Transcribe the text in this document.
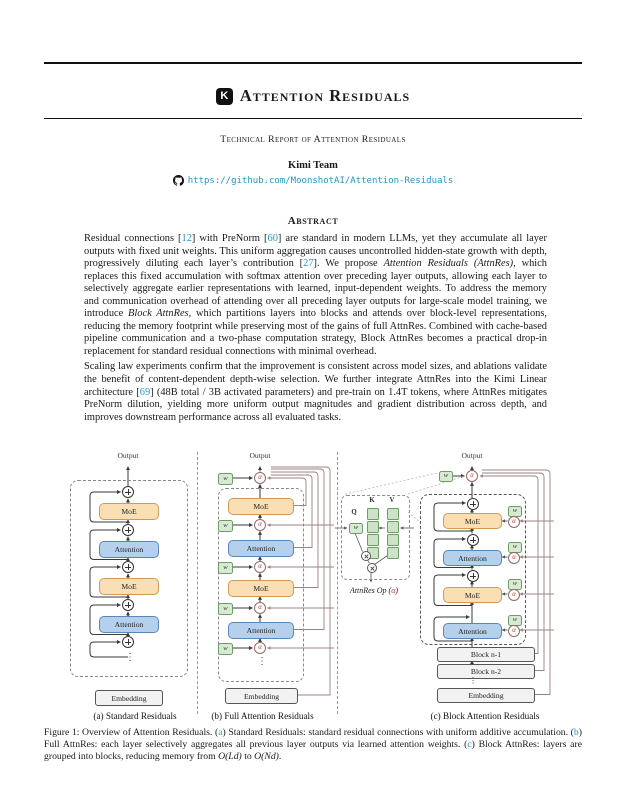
K Attention Residuals
Technical Report of Attention Residuals
Kimi Team
https://github.com/MoonshotAI/Attention-Residuals
Abstract

Residual connections [12] with PreNorm [60] are standard in modern LLMs, yet they accumulate all layer outputs with fixed unit weights. This uniform aggregation causes uncontrolled hidden-state growth with depth, progressively diluting each layer’s contribution [27]. We propose Attention Residuals (AttnRes), which replaces this fixed accumulation with softmax attention over preceding layer outputs, allowing each layer to selectively aggregate earlier representations with learned, input-dependent weights. To address the memory and communication overhead of attending over all preceding layer outputs for large-scale model training, we introduce Block AttnRes, which partitions layers into blocks and attends over block-level representations, reducing the memory footprint while preserving most of the gains of full AttnRes. Combined with cache-based pipeline communication and a two-phase computation strategy, Block AttnRes becomes a practical drop-in replacement for standard residual connections with minimal overhead.

Scaling law experiments confirm that the improvement is consistent across model sizes, and ablations validate the benefit of content-dependent depth-wise selection. We further integrate AttnRes into the Kimi Linear architecture [69] (48B total / 3B activated parameters) and pre-train on 1.4T tokens, where AttnRes mitigates PreNorm dilution, yielding more uniform output magnitudes and gradient distribution across depth, and improves downstream performance across all evaluated tasks.

Output
MoE
Attention
MoE
Attention
⋮
Embedding
(a) Standard Residuals
Output
w	α
MoE
w	α
Attention
w	α
MoE
w	α
Attention
w	α
⋮
Embedding
(b) Full Attention Residuals
Output
w	α
MoE
w
α
Attention
w
α
MoE
w
α
Attention
w
α
Block n-1
Block n-2
⋮
Embedding
(c) Block Attention Residuals
Q
K	V
w
AttnRes Op (α)
Figure 1: Overview of Attention Residuals. (a) Standard Residuals: standard residual connections with uniform additive accumulation. (b) Full AttnRes: each layer selectively aggregates all previous layer outputs via learned attention weights. (c) Block AttnRes: layers are grouped into blocks, reducing memory from O(Ld) to O(Nd).
